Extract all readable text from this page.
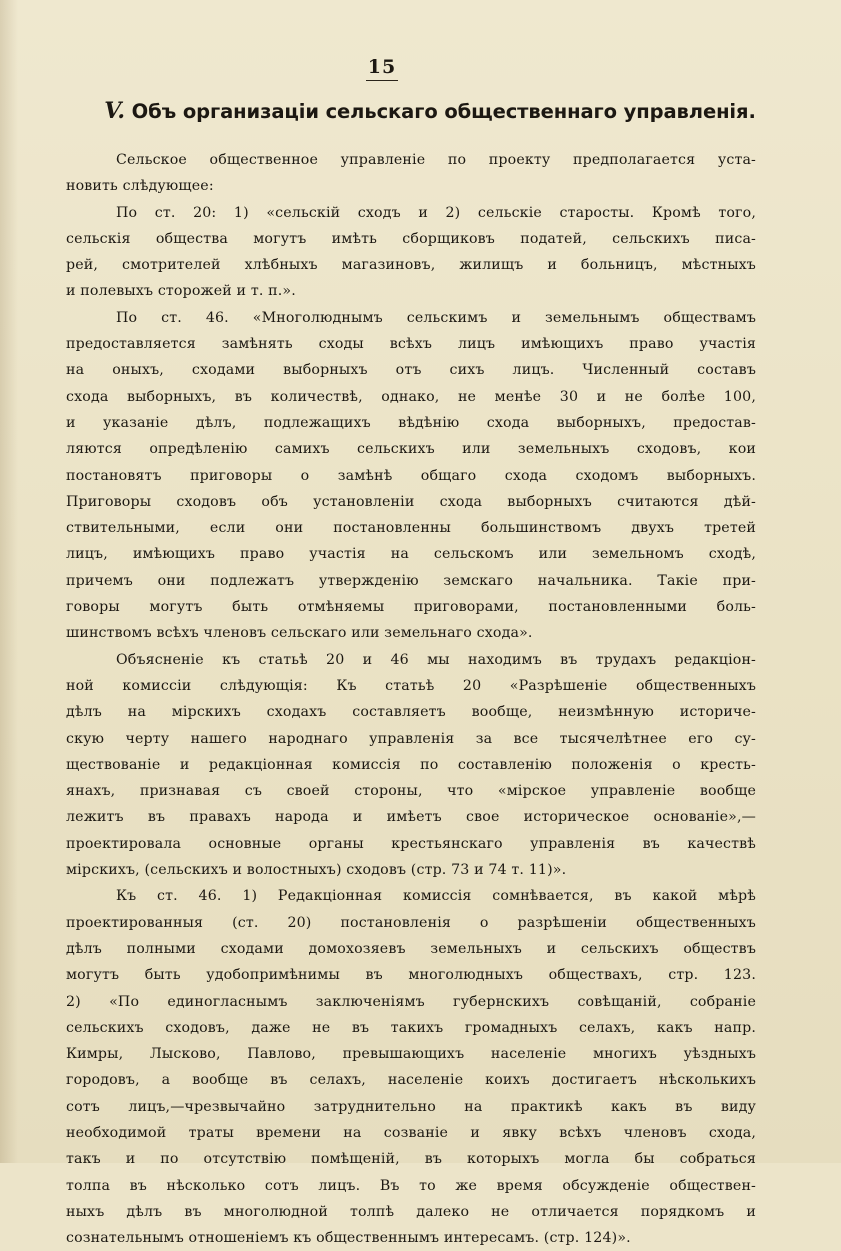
15
V. Объ организацiи сельскаго общественнаго управленiя.
Сельское общественное управленiе по проекту предполагается уста-
новить слѣдующее:
По ст. 20: 1) «сельскiй сходъ и 2) сельскiе старосты. Кромѣ того,
сельскiя общества могутъ имѣть сборщиковъ податей, сельскихъ писа-
рей, смотрителей хлѣбныхъ магазиновъ, жилищъ и больницъ, мѣстныхъ
и полевыхъ сторожей и т. п.».
По ст. 46. «Многолюднымъ сельскимъ и земельнымъ обществамъ
предоставляется замѣнять сходы всѣхъ лицъ имѣющихъ право участiя
на оныхъ, сходами выборныхъ отъ сихъ лицъ. Численный составъ
схода выборныхъ, въ количествѣ, однако, не менѣе 30 и не болѣе 100,
и указанiе дѣлъ, подлежащихъ вѣдѣнiю схода выборныхъ, предостав-
ляются опредѣленiю самихъ сельскихъ или земельныхъ сходовъ, кои
постановятъ приговоры о замѣнѣ общаго схода сходомъ выборныхъ.
Приговоры сходовъ объ установленiи схода выборныхъ считаются дѣй-
ствительными, если они постановленны большинствомъ двухъ третей
лицъ, имѣющихъ право участiя на сельскомъ или земельномъ сходѣ,
причемъ они подлежатъ утвержденiю земскаго начальника. Такiе при-
говоры могутъ быть отмѣняемы приговорами, постановленными боль-
шинствомъ всѣхъ членовъ сельскаго или земельнаго схода».
Объясненiе къ статьѣ 20 и 46 мы находимъ въ трудахъ редакцiон-
ной комиссiи слѣдующiя: Къ статьѣ 20 «Разрѣшенiе общественныхъ
дѣлъ на мiрскихъ сходахъ составляетъ вообще, неизмѣнную историче-
скую черту нашего народнаго управленiя за все тысячелѣтнее его су-
ществованiе и редакцiонная комиссiя по составленiю положенiя о кресть-
янахъ, признавая съ своей стороны, что «мiрское управленiе вообще
лежитъ въ правахъ народа и имѣетъ свое историческое основанiе»,—
проектировала основные органы крестьянскаго управленiя въ качествѣ
мiрскихъ, (сельскихъ и волостныхъ) сходовъ (стр. 73 и 74 т. 11)».
Къ ст. 46. 1) Редакцiонная комиссiя сомнѣвается, въ какой мѣрѣ
проектированныя (ст. 20) постановленiя о разрѣшенiи общественныхъ
дѣлъ полными сходами домохозяевъ земельныхъ и сельскихъ обществъ
могутъ быть удобопримѣнимы въ многолюдныхъ обществахъ, стр. 123.
2) «По единогласнымъ заключенiямъ губернскихъ совѣщанiй, собранiе
сельскихъ сходовъ, даже не въ такихъ громадныхъ селахъ, какъ напр.
Кимры, Лысково, Павлово, превышающихъ населенiе многихъ уѣздныхъ
городовъ, а вообще въ селахъ, населенiе коихъ достигаетъ нѣсколькихъ
сотъ лицъ,—чрезвычайно затруднительно на практикѣ какъ въ виду
необходимой траты времени на созванiе и явку всѣхъ членовъ схода,
такъ и по отсутствiю помѣщенiй, въ которыхъ могла бы собраться
толпа въ нѣсколько сотъ лицъ. Въ то же время обсужденiе обществен-
ныхъ дѣлъ въ многолюдной толпѣ далеко не отличается порядкомъ и
сознательнымъ отношенiемъ къ общественнымъ интересамъ. (стр. 124)».
